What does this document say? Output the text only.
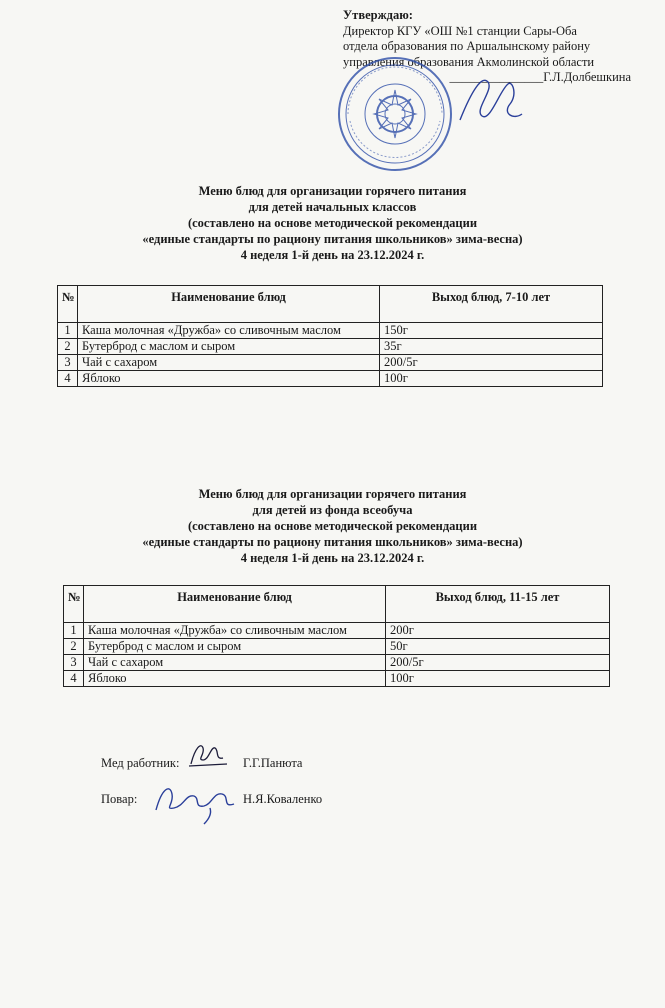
Утверждаю:
Директор КГУ «ОШ №1 станции Сары-Оба
отдела образования по Аршалынскому району
управления образования Акмолинской области
_______________Г.Л.Долбешкина
Меню блюд для организации горячего питания
для детей начальных классов
(составлено на основе методической рекомендации
«единые стандарты по рациону питания школьников» зима-весна)
4 неделя 1-й день на 23.12.2024 г.
№	Наименование блюд	Выход блюд, 7-10 лет
1	Каша молочная «Дружба» со сливочным маслом	150г
2	Бутерброд с маслом и сыром	35г
3	Чай с сахаром	200/5г
4	Яблоко	100г
Меню блюд для организации горячего питания
для детей из фонда всеобуча
(составлено на основе методической рекомендации
«единые стандарты по рациону питания школьников» зима-весна)
4 неделя 1-й день на 23.12.2024 г.
№	Наименование блюд	Выход блюд, 11-15 лет
1	Каша молочная «Дружба» со сливочным маслом	200г
2	Бутерброд с маслом и сыром	50г
3	Чай с сахаром	200/5г
4	Яблоко	100г
Мед работник:	Г.Г.Панюта
Повар:	Н.Я.Коваленко
